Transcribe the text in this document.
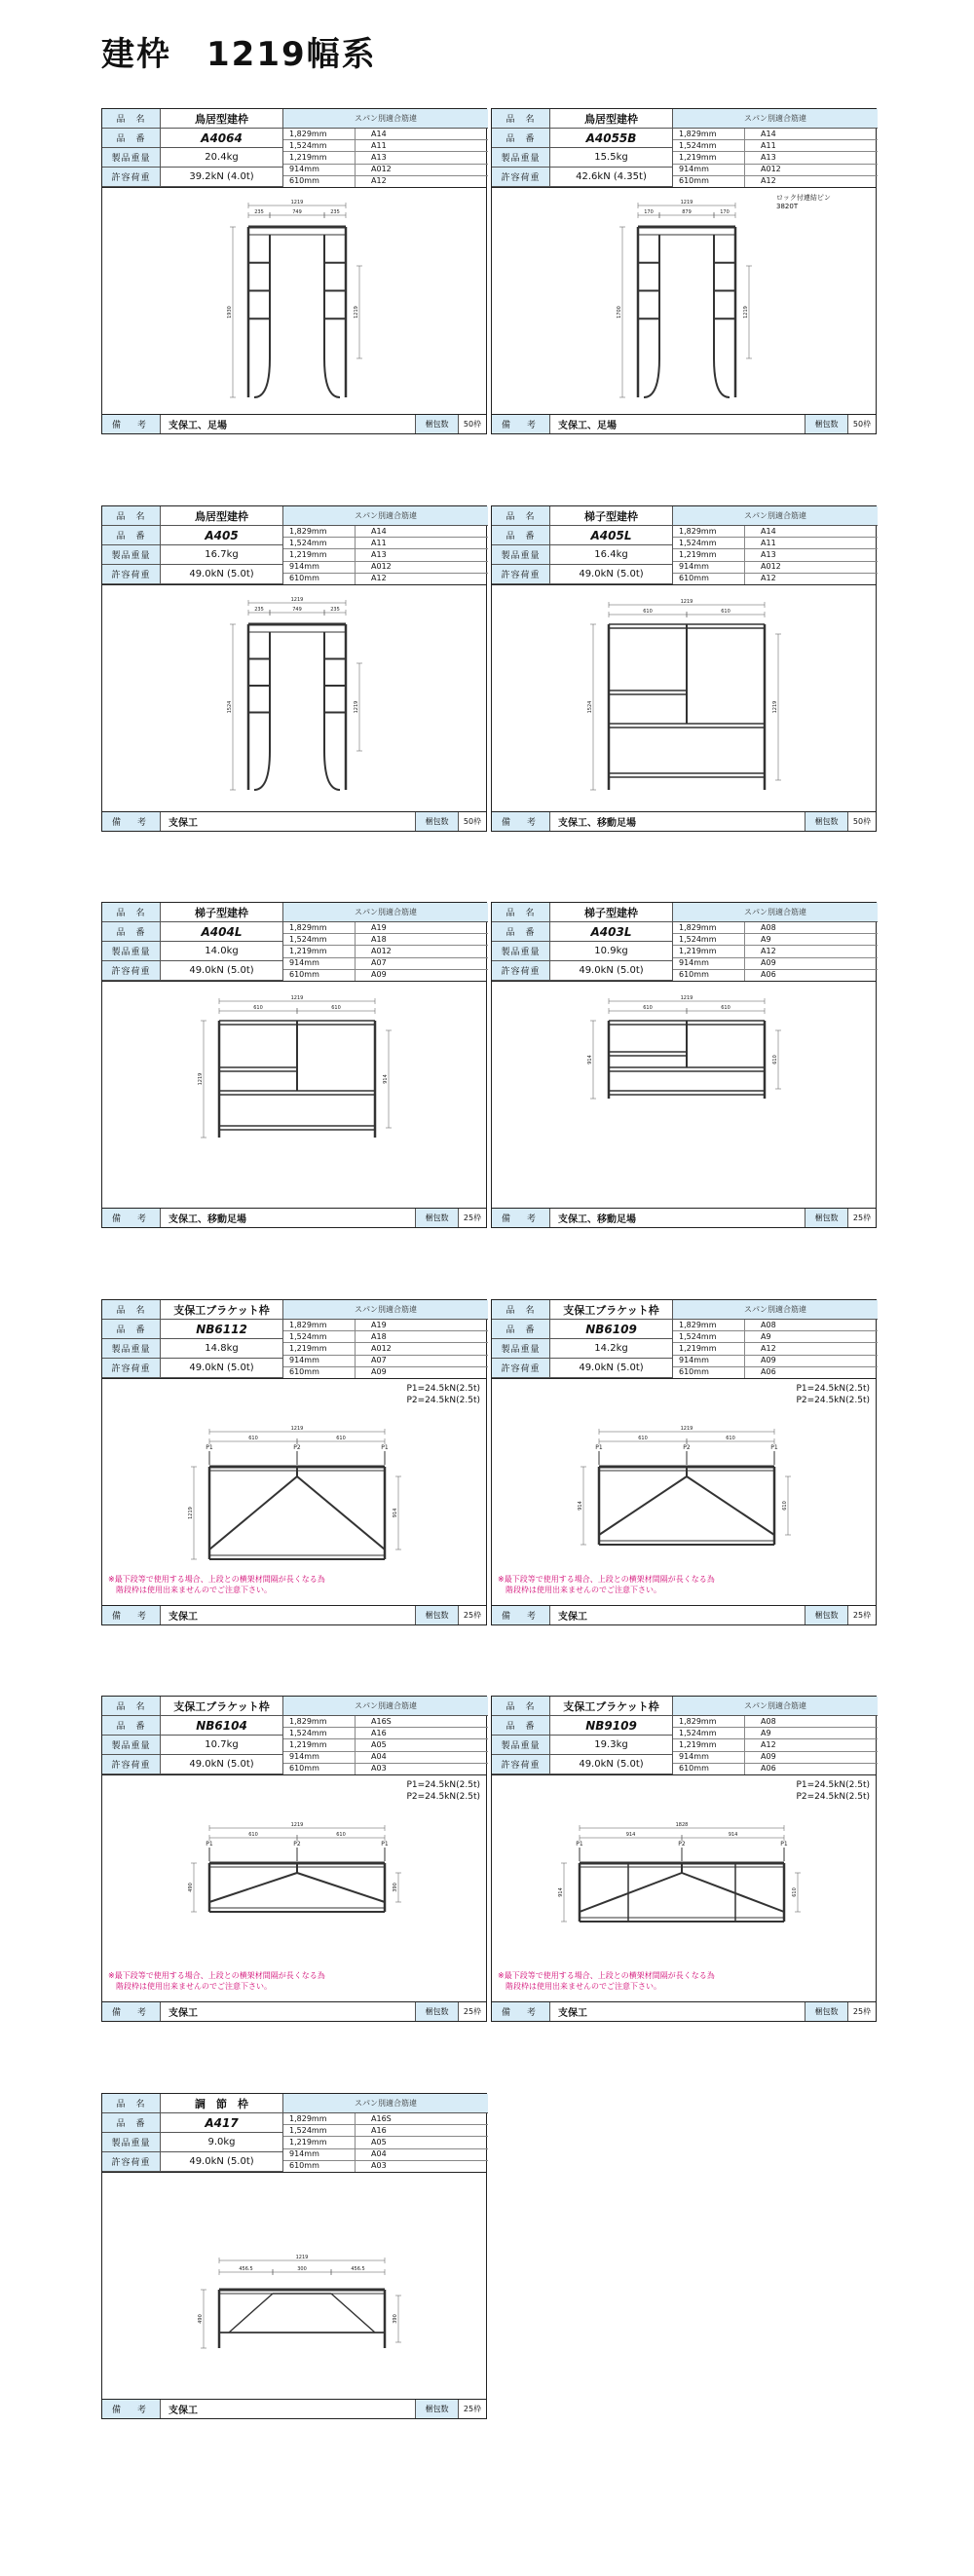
建枠　1219幅系
品　名	鳥居型建枠	スパン別適合筋違
品　番	A4064
製品重量	20.4kg
許容荷重	39.2kN (4.0t)
1,829mm	A14
1,524mm	A11
1,219mm	A13
914mm	A012
610mm	A12
1219
235	749	235
1930	1219
備　考	支保工、足場	梱包数	50枠
品　名	鳥居型建枠	スパン別適合筋違
品　番	A4055B
製品重量	15.5kg
許容荷重	42.6kN (4.35t)
1,829mm	A14
1,524mm	A11
1,219mm	A13
914mm	A012
610mm	A12
1219
170	879	170
1700	1219
ロック付連結ピン
3820T
備　考	支保工、足場	梱包数	50枠
品　名	鳥居型建枠	スパン別適合筋違
品　番	A405
製品重量	16.7kg
許容荷重	49.0kN (5.0t)
1,829mm	A14
1,524mm	A11
1,219mm	A13
914mm	A012
610mm	A12
1219
235	749	235
1524	1219
備　考	支保工	梱包数	50枠
品　名	梯子型建枠	スパン別適合筋違
品　番	A405L
製品重量	16.4kg
許容荷重	49.0kN (5.0t)
1,829mm	A14
1,524mm	A11
1,219mm	A13
914mm	A012
610mm	A12
1219
610	610
1524	1219
備　考	支保工、移動足場	梱包数	50枠
品　名	梯子型建枠	スパン別適合筋違
品　番	A404L
製品重量	14.0kg
許容荷重	49.0kN (5.0t)
1,829mm	A19
1,524mm	A18
1,219mm	A012
914mm	A07
610mm	A09
1219
610	610
1219	914
備　考	支保工、移動足場	梱包数	25枠
品　名	梯子型建枠	スパン別適合筋違
品　番	A403L
製品重量	10.9kg
許容荷重	49.0kN (5.0t)
1,829mm	A08
1,524mm	A9
1,219mm	A12
914mm	A09
610mm	A06
1219
610	610
914	610
備　考	支保工、移動足場	梱包数	25枠
品　名	支保工ブラケット枠	スパン別適合筋違
品　番	NB6112
製品重量	14.8kg
許容荷重	49.0kN (5.0t)
1,829mm	A19
1,524mm	A18
1,219mm	A012
914mm	A07
610mm	A09
P1	P2	P1
1219
610	610
1219	914
P1=24.5kN(2.5t)
P2=24.5kN(2.5t)
※最下段等で使用する場合、上段との横架材間隔が長くなる為
　階段枠は使用出来ませんのでご注意下さい。
備　考	支保工	梱包数	25枠
品　名	支保工ブラケット枠	スパン別適合筋違
品　番	NB6109
製品重量	14.2kg
許容荷重	49.0kN (5.0t)
1,829mm	A08
1,524mm	A9
1,219mm	A12
914mm	A09
610mm	A06
P1	P2	P1
1219
610	610
914	610
P1=24.5kN(2.5t)
P2=24.5kN(2.5t)
※最下段等で使用する場合、上段との横架材間隔が長くなる為
　階段枠は使用出来ませんのでご注意下さい。
備　考	支保工	梱包数	25枠
品　名	支保工ブラケット枠	スパン別適合筋違
品　番	NB6104
製品重量	10.7kg
許容荷重	49.0kN (5.0t)
1,829mm	A16S
1,524mm	A16
1,219mm	A05
914mm	A04
610mm	A03
P1	P2	P1
1219
610	610
490	390
P1=24.5kN(2.5t)
P2=24.5kN(2.5t)
※最下段等で使用する場合、上段との横架材間隔が長くなる為
　階段枠は使用出来ませんのでご注意下さい。
備　考	支保工	梱包数	25枠
品　名	支保工ブラケット枠	スパン別適合筋違
品　番	NB9109
製品重量	19.3kg
許容荷重	49.0kN (5.0t)
1,829mm	A08
1,524mm	A9
1,219mm	A12
914mm	A09
610mm	A06
P1	P2	P1
1828
914	914
914	610
P1=24.5kN(2.5t)
P2=24.5kN(2.5t)
※最下段等で使用する場合、上段との横架材間隔が長くなる為
　階段枠は使用出来ませんのでご注意下さい。
備　考	支保工	梱包数	25枠
品　名	調　節　枠	スパン別適合筋違
品　番	A417
製品重量	9.0kg
許容荷重	49.0kN (5.0t)
1,829mm	A16S
1,524mm	A16
1,219mm	A05
914mm	A04
610mm	A03
1219
456.5	300	456.5
490	390
備　考	支保工	梱包数	25枠
